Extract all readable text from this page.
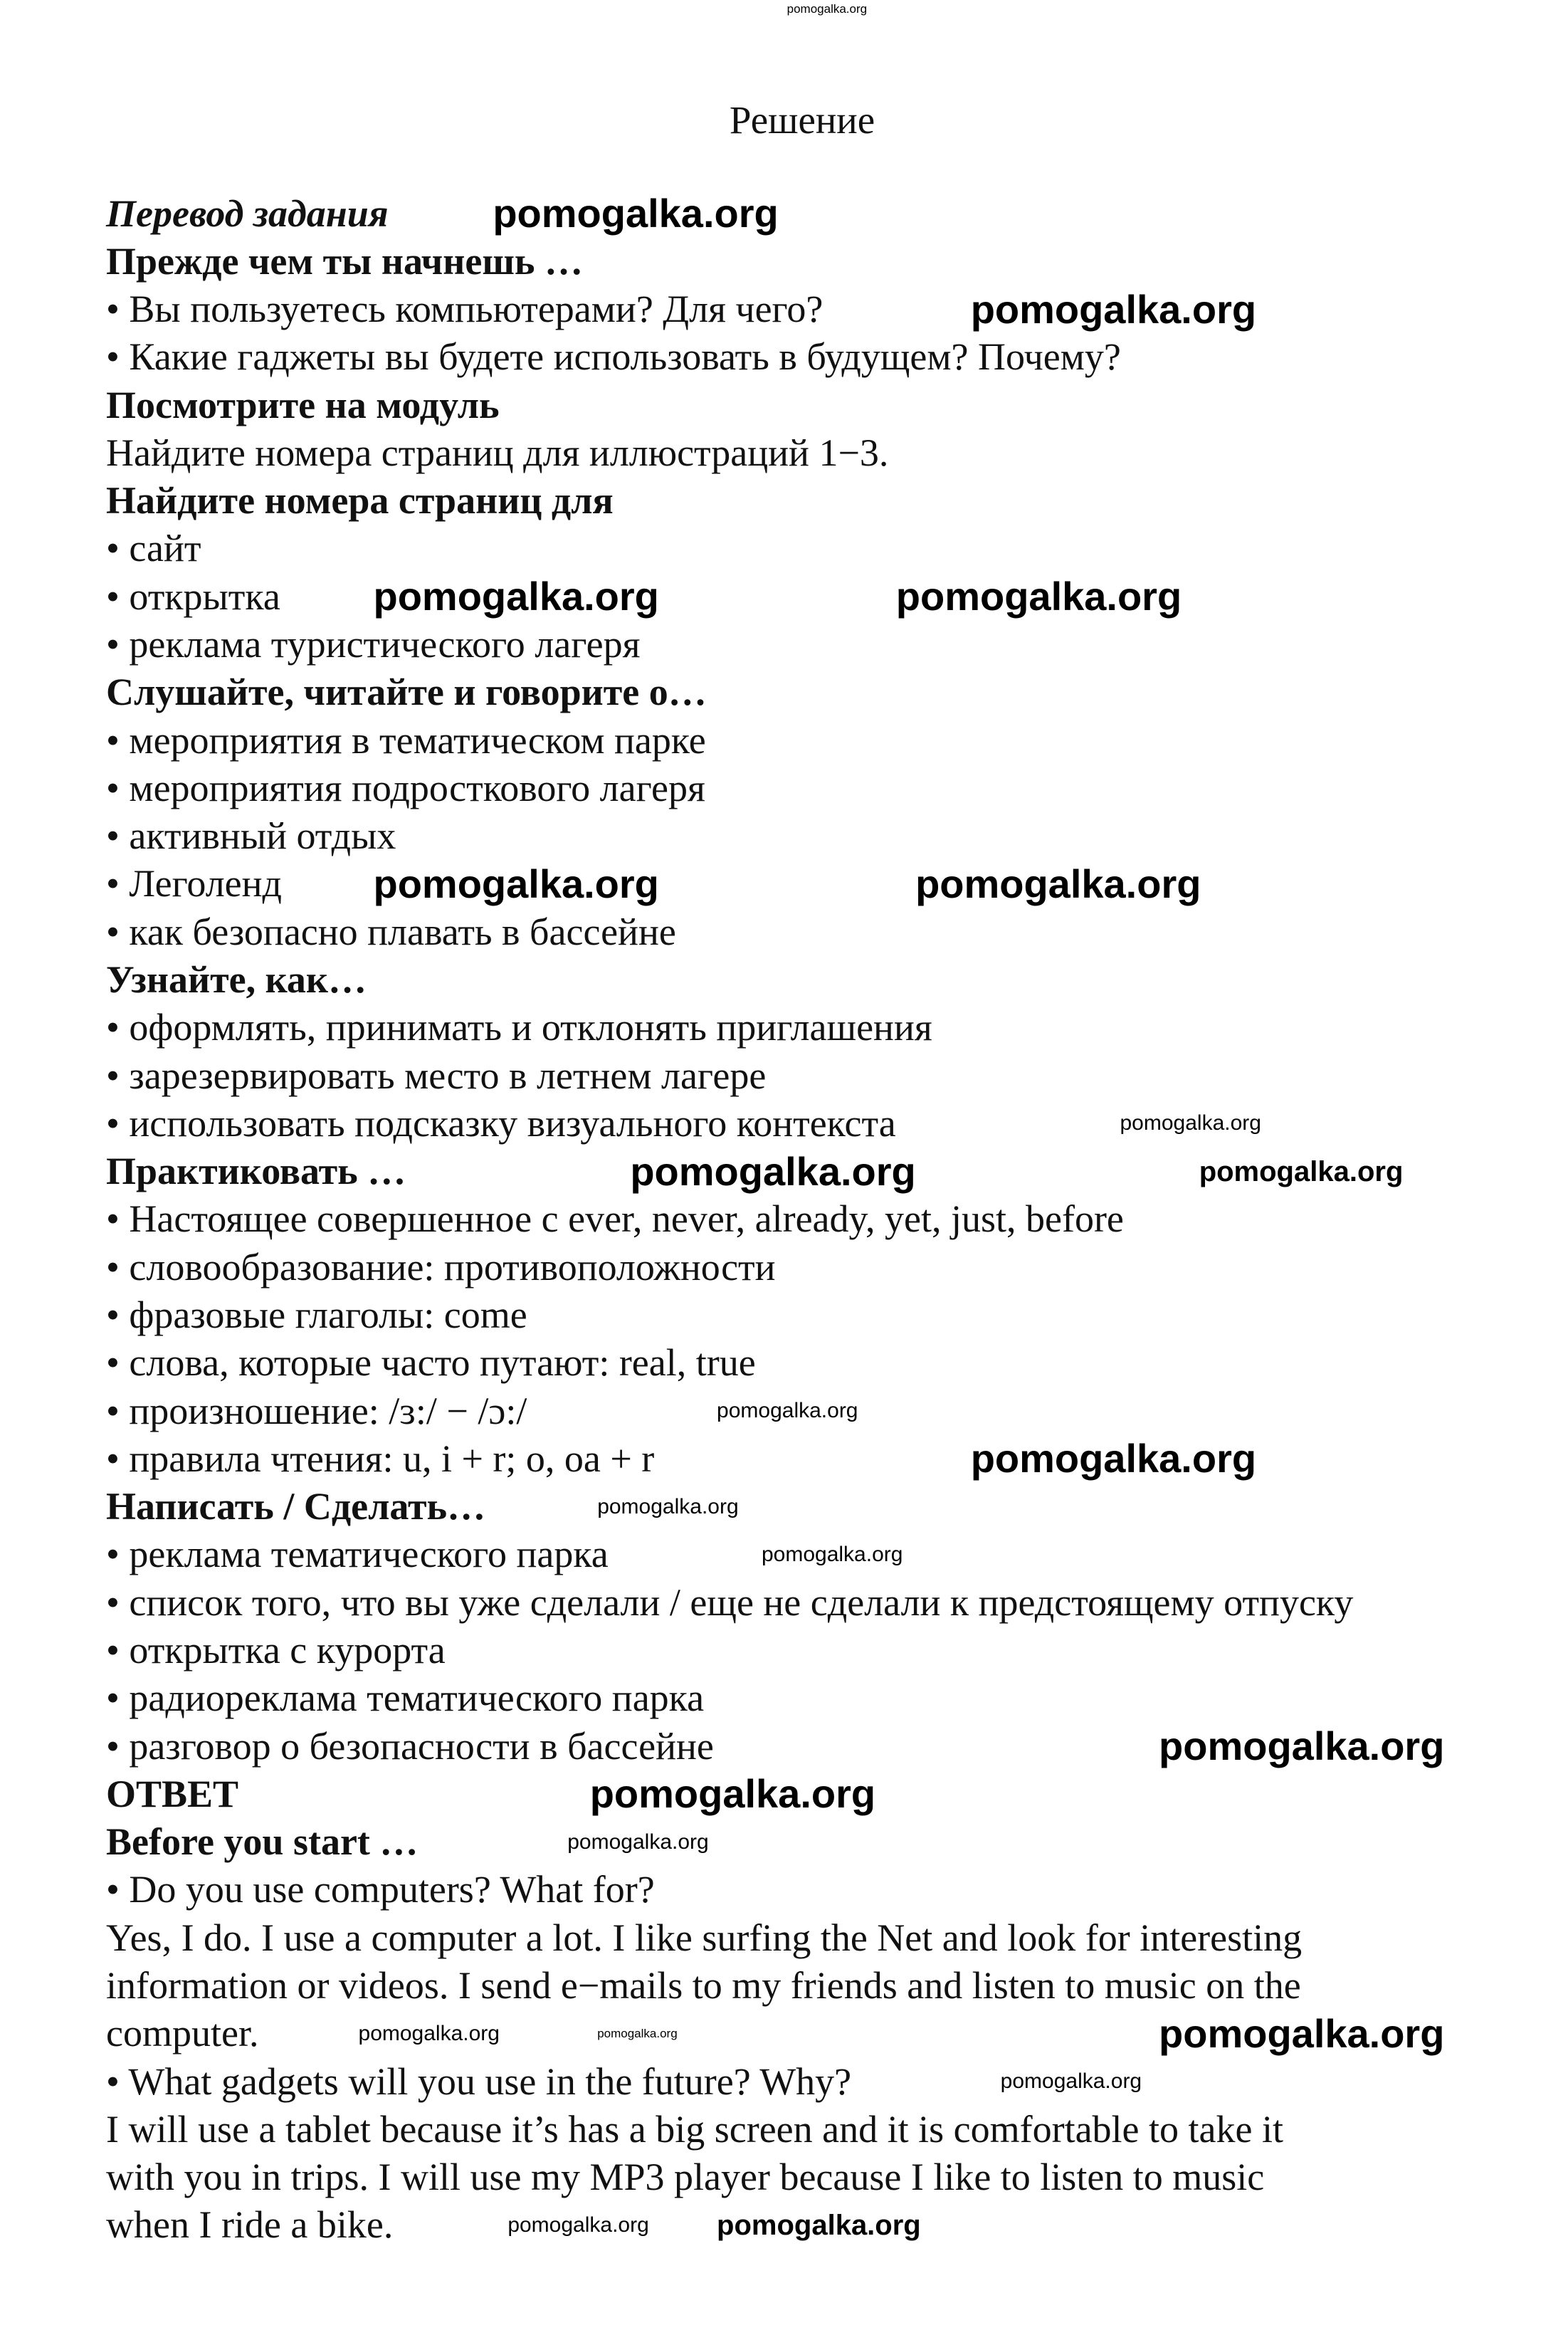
Решение
Перевод задания
Прежде чем ты начнешь …
• Вы пользуетесь компьютерами? Для чего?
• Какие гаджеты вы будете использовать в будущем? Почему?
Посмотрите на модуль
Найдите номера страниц для иллюстраций 1−3.
Найдите номера страниц для
• сайт
• открытка
• реклама туристического лагеря
Слушайте, читайте и говорите о…
• мероприятия в тематическом парке
• мероприятия подросткового лагеря
• активный отдых
• Леголенд
• как безопасно плавать в бассейне
Узнайте, как…
• оформлять, принимать и отклонять приглашения
• зарезервировать место в летнем лагере
• использовать подсказку визуального контекста
Практиковать …
• Настоящее совершенное с ever, never, already, yet, just, before
• словообразование: противоположности
• фразовые глаголы: come
• слова, которые часто путают: real, true
• произношение: /ɜ:/ − /ɔ:/
• правила чтения: u, i + r; o, oa + r
Написать / Сделать…
• реклама тематического парка
• список того, что вы уже сделали / еще не сделали к предстоящему отпуску
• открытка с курорта
• радиореклама тематического парка
• разговор о безопасности в бассейне
ОТВЕТ
Before you start …
• Do you use computers? What for?
Yes, I do. I use a computer a lot. I like surfing the Net and look for interesting
information or videos. I send e−mails to my friends and listen to music on the
computer.
• What gadgets will you use in the future? Why?
I will use a tablet because it’s has a big screen and it is comfortable to take it
with you in trips. I will use my MP3 player because I like to listen to music
when I ride a bike.
pomogalka.org
pomogalka.org
pomogalka.org
pomogalka.org	pomogalka.org
pomogalka.org	pomogalka.org
pomogalka.org	pomogalka.org
pomogalka.org
pomogalka.org
pomogalka.org
pomogalka.org
pomogalka.org
pomogalka.org
pomogalka.org
pomogalka.org
pomogalka.org	pomogalka.org	pomogalka.org
pomogalka.org
pomogalka.org pomogalka.org
